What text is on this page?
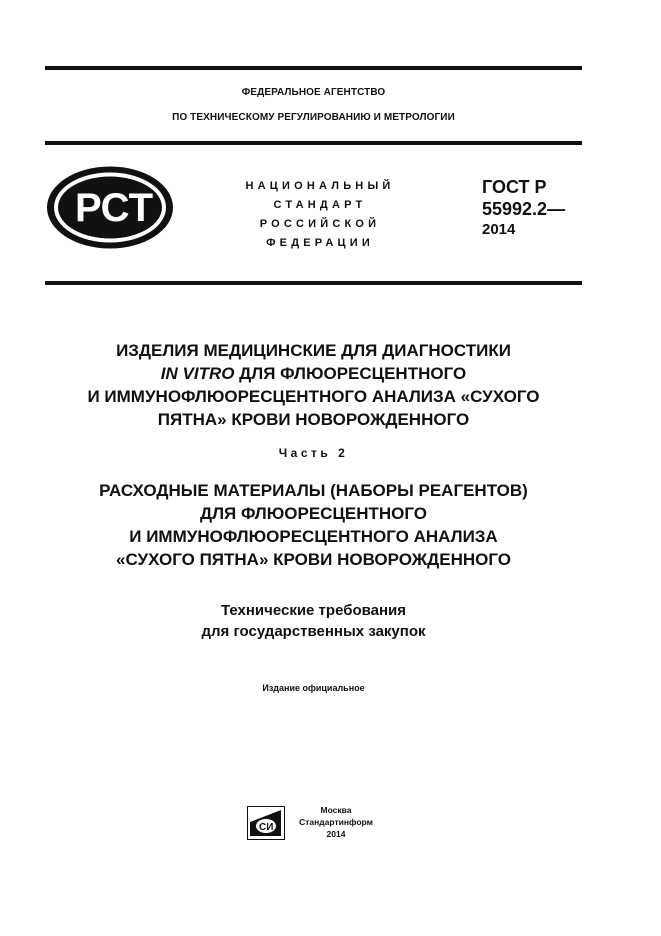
ФЕДЕРАЛЬНОЕ АГЕНТСТВО
ПО ТЕХНИЧЕСКОМУ РЕГУЛИРОВАНИЮ И МЕТРОЛОГИИ
РСТ	НАЦИОНАЛЬНЫЙ
СТАНДАРТ
РОССИЙСКОЙ
ФЕДЕРАЦИИ
ГОСТ Р
55992.2—
2014
ИЗДЕЛИЯ МЕДИЦИНСКИЕ ДЛЯ ДИАГНОСТИКИ
IN VITRO ДЛЯ ФЛЮОРЕСЦЕНТНОГО
И ИММУНОФЛЮОРЕСЦЕНТНОГО АНАЛИЗА «СУХОГО
ПЯТНА» КРОВИ НОВОРОЖДЕННОГО
Часть 2
РАСХОДНЫЕ МАТЕРИАЛЫ (НАБОРЫ РЕАГЕНТОВ)
ДЛЯ ФЛЮОРЕСЦЕНТНОГО
И ИММУНОФЛЮОРЕСЦЕНТНОГО АНАЛИЗА
«СУХОГО ПЯТНА» КРОВИ НОВОРОЖДЕННОГО
Технические требования
для государственных закупок
Издание официальное
СИ
Москва
Стандартинформ
2014
